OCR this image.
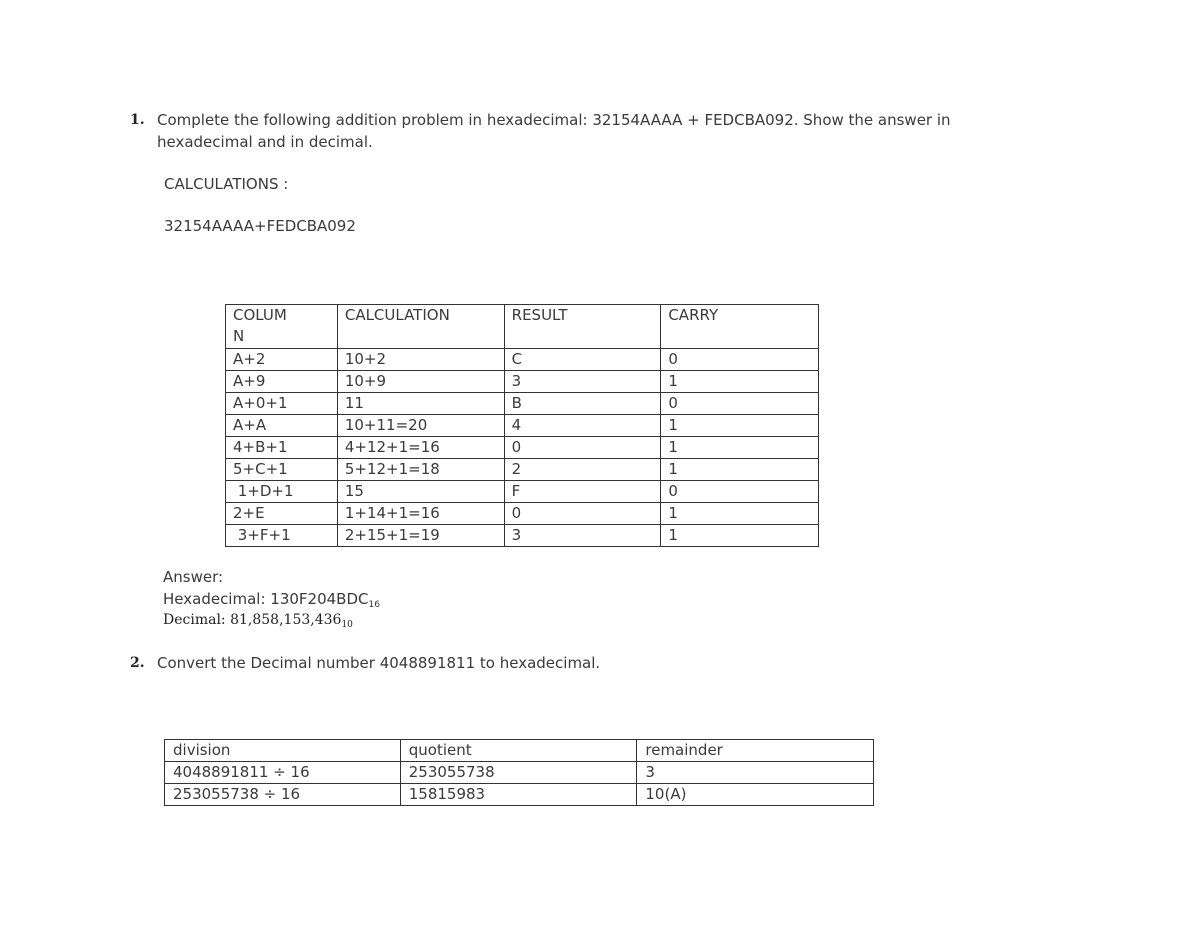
1. Complete the following addition problem in hexadecimal: 32154AAAA + FEDCBA092. Show the answer in
hexadecimal and in decimal.
CALCULATIONS :
32154AAAA+FEDCBA092
COLUM
N	CALCULATION	RESULT	CARRY
A+2	10+2	C	0
A+9	10+9	3	1
A+0+1	11	B	0
A+A	10+11=20	4	1
4+B+1	4+12+1=16	0	1
5+C+1	5+12+1=18	2	1
1+D+1	15	F	0
2+E	1+14+1=16	0	1
3+F+1	2+15+1=19	3	1
Answer:
Hexadecimal: $130F204BDC_{16}$
Decimal: $81,858,153,436_{10}$
2. Convert the Decimal number 4048891811 to hexadecimal.
division	quotient	remainder
4048891811 ÷ 16	253055738	3
253055738 ÷ 16	15815983	10(A)
